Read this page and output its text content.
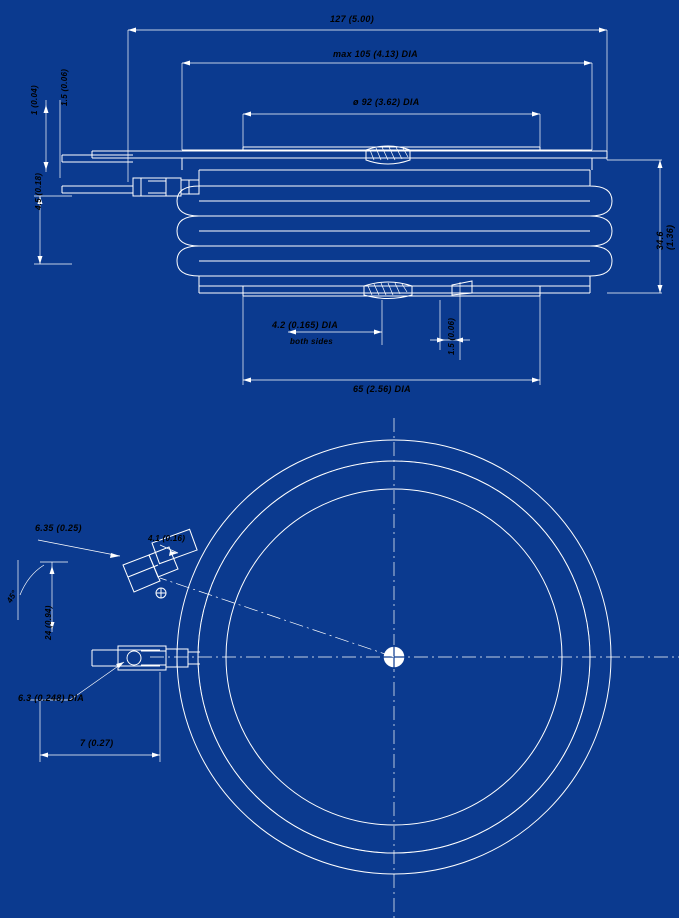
127 (5.00)
max 105 (4.13) DIA
ø 92 (3.62) DIA
1 (0.04)	1.5 (0.06)
4.5 (0.18)
34.6 (1.36)
4.2 (0.165) DIA
both sides	1.5 (0.06)
65 (2.56) DIA
6.35 (0.25)
4.1 (0.16)
45°
24 (0.94)
6.3 (0.248) DIA
7 (0.27)
